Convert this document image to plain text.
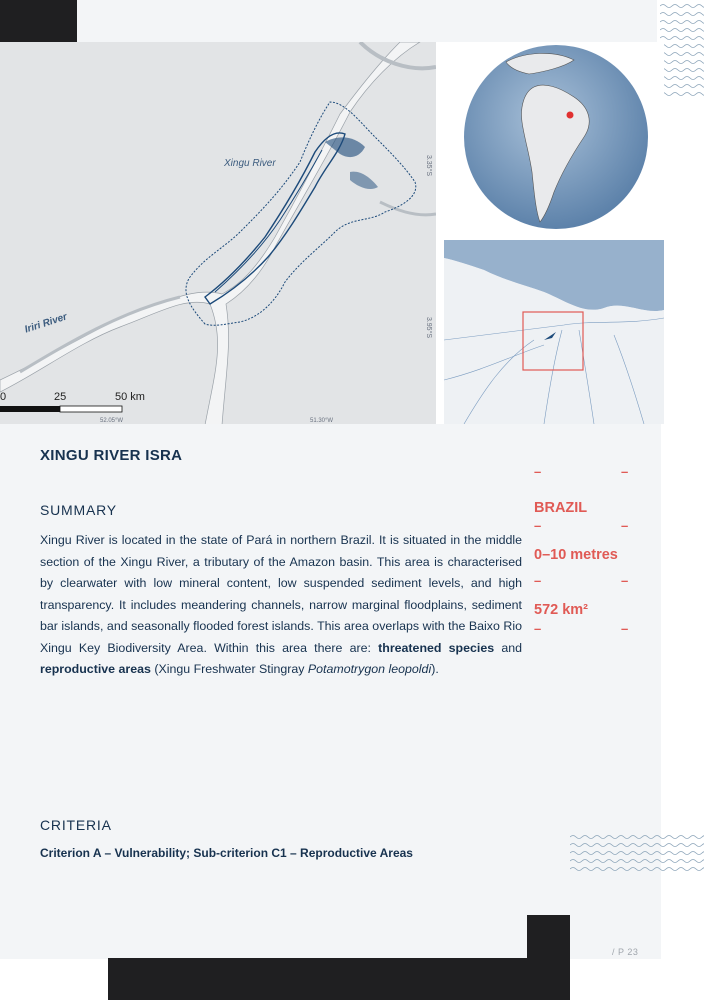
Xingu River
Iriri River
3.35°S
3.95°S
0	25	50 km
52.05°W	51.30°W
XINGU RIVER ISRA
SUMMARY
Xingu River is located in the state of Pará in northern Brazil. It is situated in the middle section of the Xingu River, a tributary of the Amazon basin. This area is characterised by clearwater with low mineral content, low suspended sediment levels, and high transparency. It includes meandering channels, narrow marginal floodplains, sediment bar islands, and seasonally flooded forest islands. This area overlaps with the Baixo Rio Xingu Key Biodiversity Area. Within this area there are: threatened species and reproductive areas (Xingu Freshwater Stingray Potamotrygon leopoldi).
–	–
BRAZIL
–	–
0–10 metres
–	–
572 km²
–	–
CRITERIA
Criterion A – Vulnerability; Sub-criterion C1 – Reproductive Areas
/ P 23
